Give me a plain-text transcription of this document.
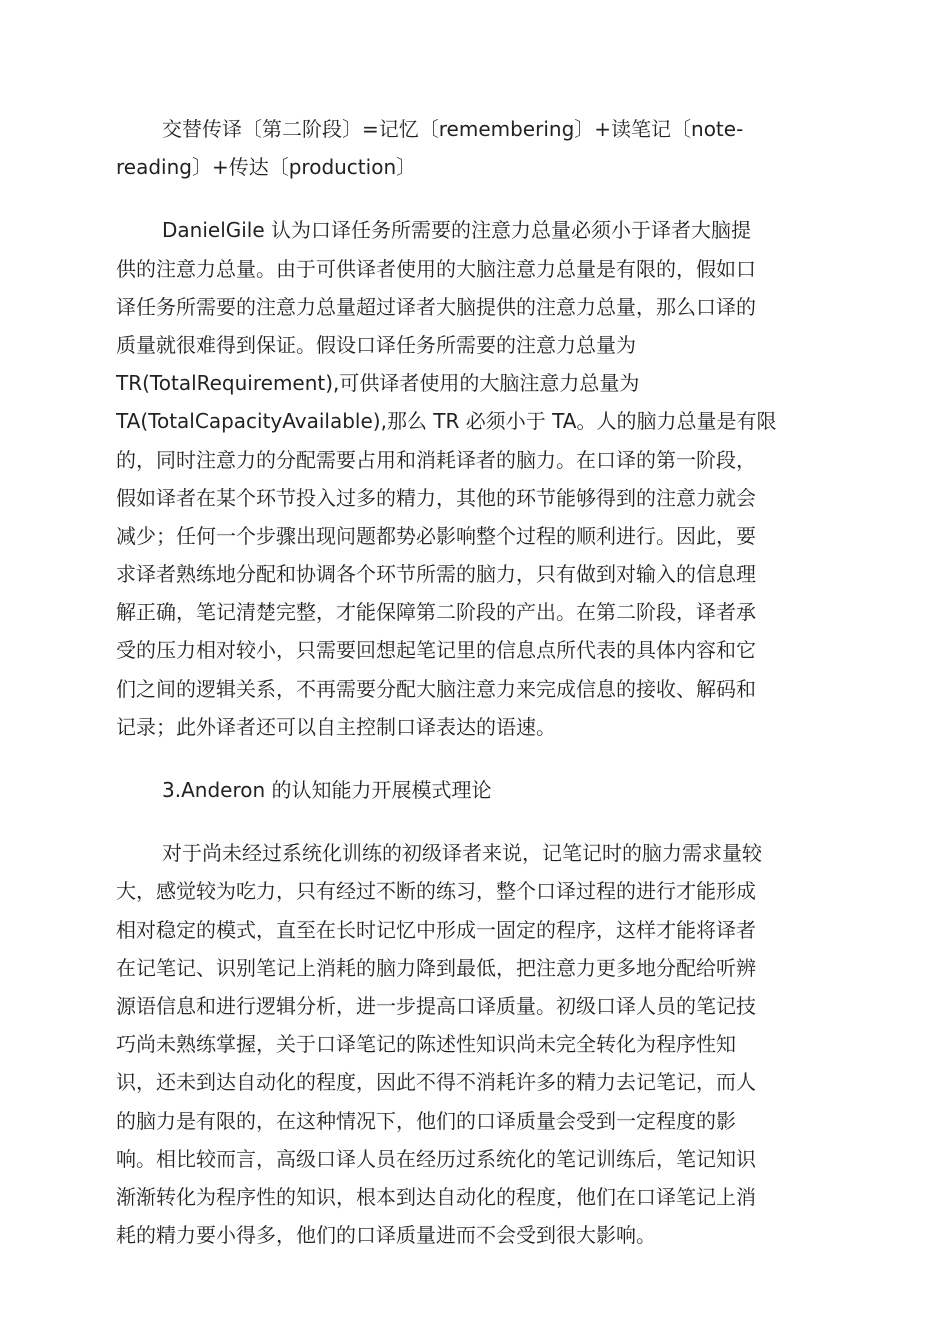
交替传译〔第二阶段〕=记忆〔remembering〕+读笔记〔note-
reading〕+传达〔production〕
DanielGile 认为口译任务所需要的注意力总量必须小于译者大脑提
供的注意力总量。由于可供译者使用的大脑注意力总量是有限的，假如口
译任务所需要的注意力总量超过译者大脑提供的注意力总量，那么口译的
质量就很难得到保证。假设口译任务所需要的注意力总量为
TR(TotalRequirement),可供译者使用的大脑注意力总量为
TA(TotalCapacityAvailable),那么 TR 必须小于 TA。人的脑力总量是有限
的，同时注意力的分配需要占用和消耗译者的脑力。在口译的第一阶段，
假如译者在某个环节投入过多的精力，其他的环节能够得到的注意力就会
减少；任何一个步骤出现问题都势必影响整个过程的顺利进行。因此，要
求译者熟练地分配和协调各个环节所需的脑力，只有做到对输入的信息理
解正确，笔记清楚完整，才能保障第二阶段的产出。在第二阶段，译者承
受的压力相对较小，只需要回想起笔记里的信息点所代表的具体内容和它
们之间的逻辑关系，不再需要分配大脑注意力来完成信息的接收、解码和
记录；此外译者还可以自主控制口译表达的语速。
3.Anderon 的认知能力开展模式理论
对于尚未经过系统化训练的初级译者来说，记笔记时的脑力需求量较
大，感觉较为吃力，只有经过不断的练习，整个口译过程的进行才能形成
相对稳定的模式，直至在长时记忆中形成一固定的程序，这样才能将译者
在记笔记、识别笔记上消耗的脑力降到最低，把注意力更多地分配给听辨
源语信息和进行逻辑分析，进一步提高口译质量。初级口译人员的笔记技
巧尚未熟练掌握，关于口译笔记的陈述性知识尚未完全转化为程序性知
识，还未到达自动化的程度，因此不得不消耗许多的精力去记笔记，而人
的脑力是有限的，在这种情况下，他们的口译质量会受到一定程度的影
响。相比较而言，高级口译人员在经历过系统化的笔记训练后，笔记知识
渐渐转化为程序性的知识，根本到达自动化的程度，他们在口译笔记上消
耗的精力要小得多，他们的口译质量进而不会受到很大影响。
